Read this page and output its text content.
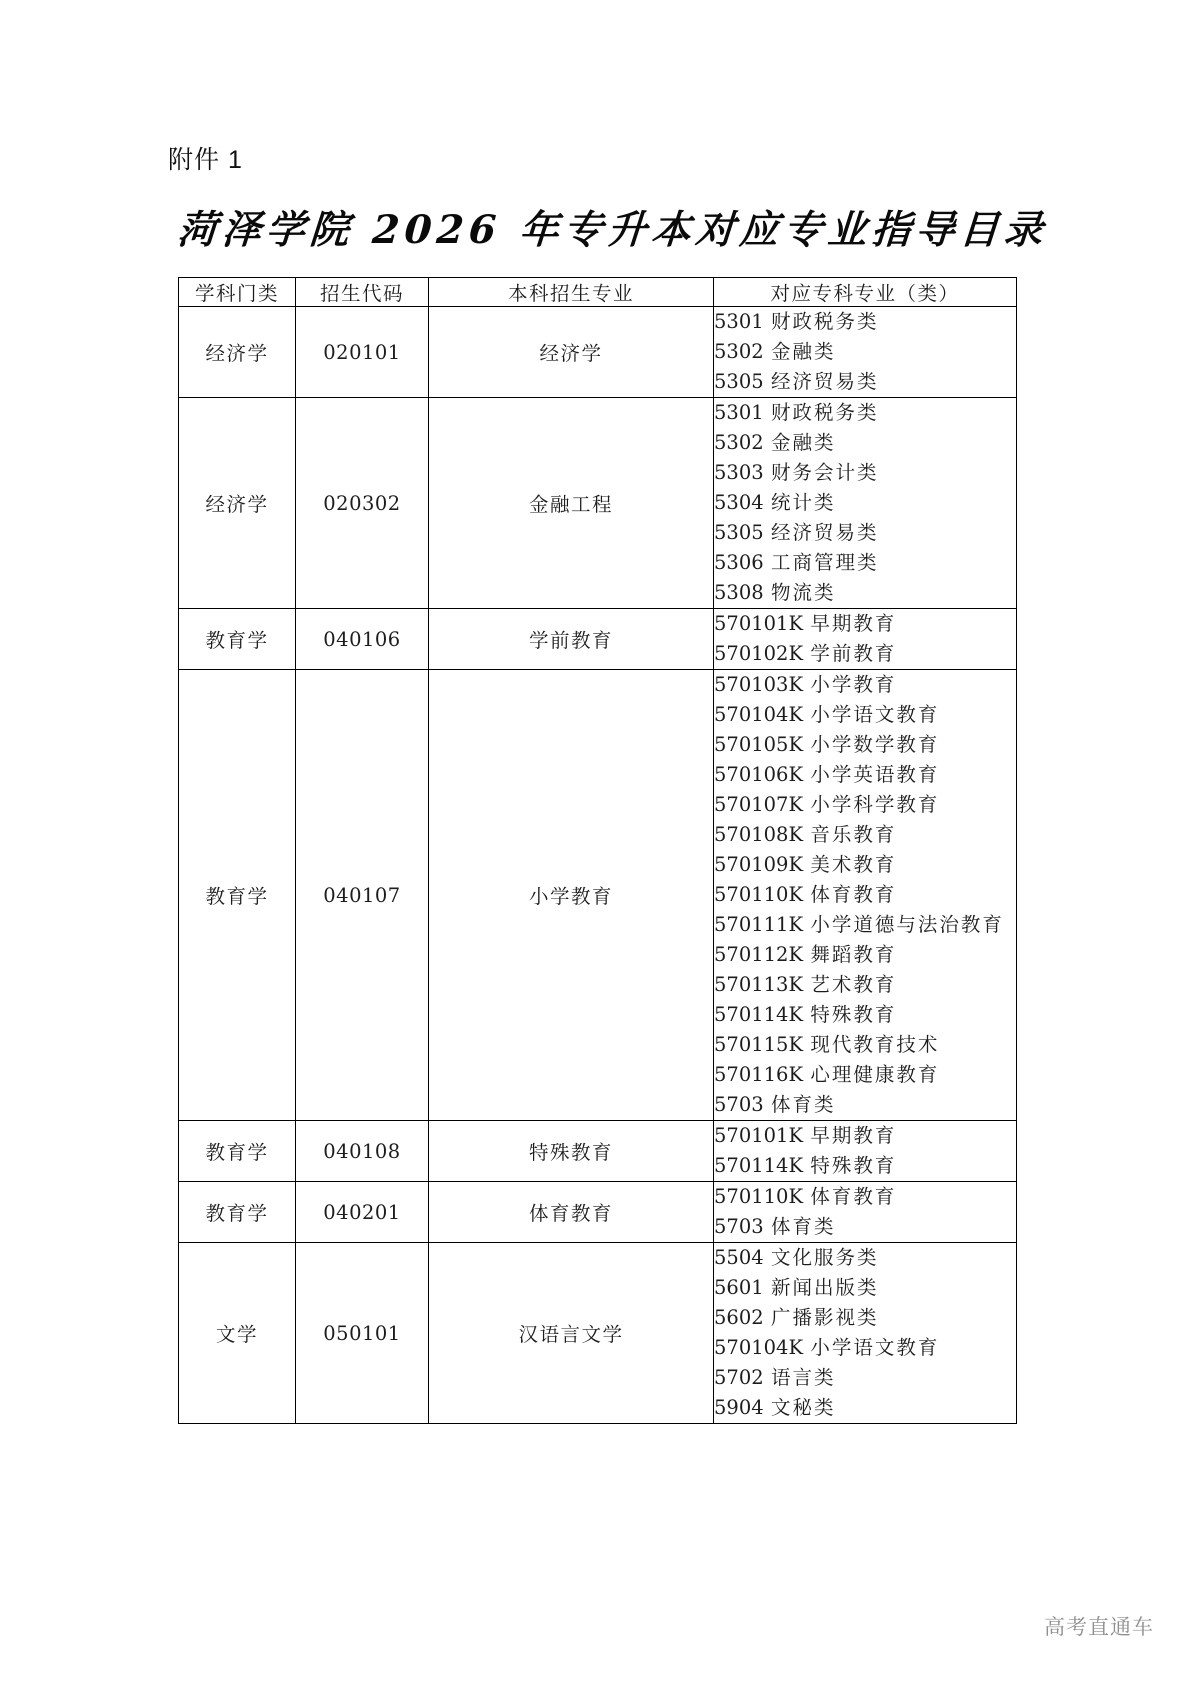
附件 1
菏泽学院 2026 年专升本对应专业指导目录
学科门类	招生代码	本科招生专业	对应专科专业（类）
经济学	020101	经济学	5301 财政税务类
5302 金融类
5305 经济贸易类

经济学	020302	金融工程	
5301 财政税务类
5302 金融类
5303 财务会计类
5304 统计类
5305 经济贸易类
5306 工商管理类
5308 物流类

教育学	040106	学前教育	570101K 早期教育
570102K 学前教育

教育学	040107	小学教育	
570103K 小学教育
570104K 小学语文教育
570105K 小学数学教育
570106K 小学英语教育
570107K 小学科学教育
570108K 音乐教育
570109K 美术教育
570110K 体育教育
570111K 小学道德与法治教育
570112K 舞蹈教育
570113K 艺术教育
570114K 特殊教育
570115K 现代教育技术
570116K 心理健康教育
5703 体育类

教育学	040108	特殊教育	570101K 早期教育
570114K 特殊教育

教育学	040201	体育教育	570110K 体育教育
5703 体育类

文学	050101	汉语言文学	
5504 文化服务类
5601 新闻出版类
5602 广播影视类
570104K 小学语文教育
5702 语言类
5904 文秘类
高考直通车
